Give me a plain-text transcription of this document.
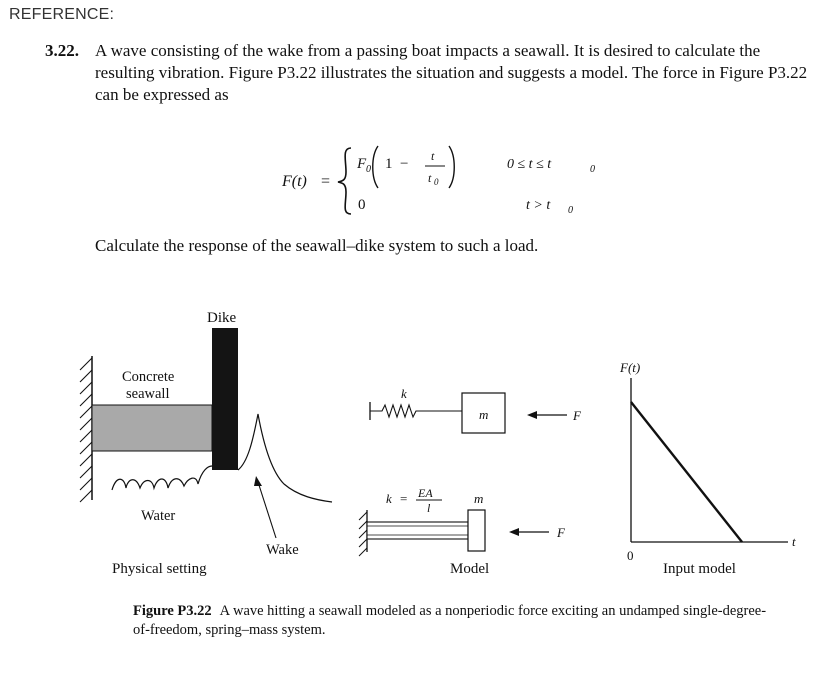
REFERENCE:
3.22. A wave consisting of the wake from a passing boat impacts a seawall. It is desired to calculate the resulting vibration. Figure P3.22 illustrates the situation and suggests a model. The force in Figure P3.22 can be expressed as
Calculate the response of the seawall–dike system to such a load.
F(t) =
F 0 1 − t
t 0
0 ≤ t ≤ t	0
0	t > t 0
Dike
Concrete
seawall
Water
Wake
Physical setting
k
m	F
k = EA
l
m
F
Model
F(t)
t
0
Input model
Figure P3.22 A wave hitting a seawall modeled as a nonperiodic force exciting an undamped single-degree-of-freedom, spring–mass system.
